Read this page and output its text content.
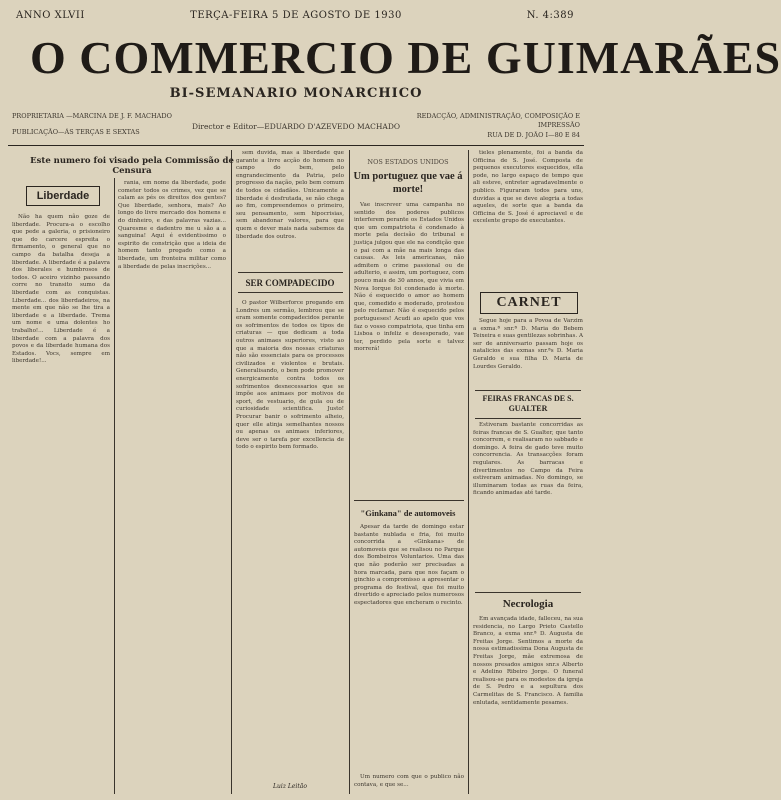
ANNO XLVII	TERÇA-FEIRA 5 DE AGOSTO DE 1930	N. 4:389
O COMMERCIO DE GUIMARÃES
BI-SEMANARIO MONARCHICO
PROPRIETARIA —MARCINA DE J. F. MACHADO
PUBLICAÇÃO—ÁS TERÇAS E SEXTAS
Director e Editor—EDUARDO D'AZEVEDO MACHADO
REDACÇÃO, ADMINISTRAÇÃO, COMPOSIÇÃO E IMPRESSÃO
RUA DE D. JOÃO I—80 E 84
Este numero foi visado pela Commissão de Censura
Liberdade

Não ha quem não goze de liberdade. Procura-a o escolho que pede a galeria, o prisioneiro que do carcere espreita o firmamento, o general que no campo da batalha deseja a liberdade. A liberdade é a palavra dos liberales e humbrosos de todos. O aceiro vizinho passando corre no transito sumo da liberdade com as conquistas. Liberdade... dos liberdadeiros, na mente em que não se lhe tira a liberdade e a liberdade. Trema um nome e uma dolentes ho trabalho!... Liberdade é a liberdade com a palavra dos povos e da liberdade humana dos Estados. Vocs, sempre em liberdade!...

rania, em nome da liberdade, pode cometer todos os crimes, vez que se calam as pés os direitos dos gentes? Que liberdade, senhora, mais? Ao longo do livre mercado dos homens e do dinheiro, e das palavras vazias... Quaresme e dadentro me u são a a sanguina! Aqui é evidentissimo o espirito de constrição que a ideia de homem tanto pregado como a liberdade, um fronteira militar como a liberdade de pelas inscrições...

sem duvida, mas a liberdade que garante a livre acção do homem no campo do bem, pelo engrandecimento da Patria, pelo progresso da nação, pelo bem comum de todos os cidadãos. Unicamente a liberdade é desfrutada, se não chega ao fim, compreendemos o primeiro, seu pensamento, sem hipocrisias, sem abandonar valores, para que quem e dever mais nada sabemos da liberdade dos outros.

SER COMPADECIDO

O pastor Wilberforce pregando em Londres um sermão, lembrou que se eram somente compadecidos perante os sofrimentos de todos os tipos de criaturas — que dedicam a toda outros animaes superiores, visto ao que a maioria dos nossas criaturas não são essenciais para os processos civilizados e violentos e brutais. Generalisando, o bem pode promover energicamente contra todos os sofrimentos desnecessarios que se impõe aos animaes por motivos de sport, de vestuario, de gula ou de curiosidade scientifica. Justo! Procurar banir o sofrimento alheio, quer elle atinja semelhantes nossos ou apenas os animaes inferiores, deve ser o tarefa por excellencia de todo o espirito bem formado.

Luiz Leitão
NOS ESTADOS UNIDOS
Um portuguez que vae á morte!

Vae inscrever uma campanha no sentido dos poderes publicos interferem perante os Estados Unidos que um compatriota é condenado à morte pela decisão do tribunal e justiça julgou que ele na condição que o pai com a mãe na mais longa das causas. As leis americanas, não admitem o crime passional ou de adulterio, e assim, um portuguez, com pouco mais de 30 annos, que vivia em Nova Iorque foi condenado à morte. Não é esquecido o amor ao homem que, comedido e moderado, protestou pelo reclamar. Não é esquecido pelos portugueses! Acudi ao apelo que vos faz o vosso compatriota, que tinha em Lisboa o infeliz e desesperado, vae ter, perdido pela sorte e talvez morrerá!

"Ginkana" de automoveis

Apesar da tarde de domingo estar bastante nublada e fria, foi muito concorrida a «Ginkana» de automoveis que se realisou no Parque dos Bombeiros Voluntarios. Uma das que não poderão ser precisadas a hora marcada, para que nos façam o ginchio a compromisso a apresentar o programa do festival, que foi muito divertido e apreciado pelos numerosos espectadores que encheram o recinto.

Um numero com que o publico não contava, e que se...

tieles plenamente, foi a banda da Officina de S. José. Composta de pequenos executores esquecidos, ella pode, no largo espaço de tempo que ali esteve, entreter agradavelmente o publico. Figuraram todos para uns, duvidas a que se deve alegria a todas aqueles, de sorte que a banda da Officina de S. José é apreciavel e de excelente grupo de executantes.

CARNET

Segue hoje para a Povoa de Varzim a exma.ª snr.ª D. Maria do Bebem Teixeira e suas gentilezas sobrinhas. A ser de anniversario passam hoje os natalicios das exmas snr.ªs D. Maria Geraldo e sua filha D. Maria de Lourdes Geraldo.

FEIRAS FRANCAS DE S. GUALTER

Estiveram bastante concorridas as feiras francas de S. Gualter, que tanto concorrem, e realisaram no sabbado e domingo. A feira de gado teve muito concorrencia. As transacções foram regulares. As barracas e divertimentos no Campo da Feira estiveram animadas. No domingo, se illuminaram todas as ruas da feira, ficando animadas até tarde.

Necrologia

Em avançada idade, falleceu, na sua residencia, no Largo Prieto Castello Branco, a exma snr.ª D. Augusta de Freitas Jorge. Sentimos a morte da nossa estimadissima Dona Augusta de Freitas Jorge, mãe extremosa de nossos presados amigos snr.s Alberto e Adelino Ribeiro Jorge. O funeral realisou-se para os modestos da igreja de S. Pedro e a sepultura dos Carmelitas de S. Francisco. A familia enlutada, sentidamente pesames.
